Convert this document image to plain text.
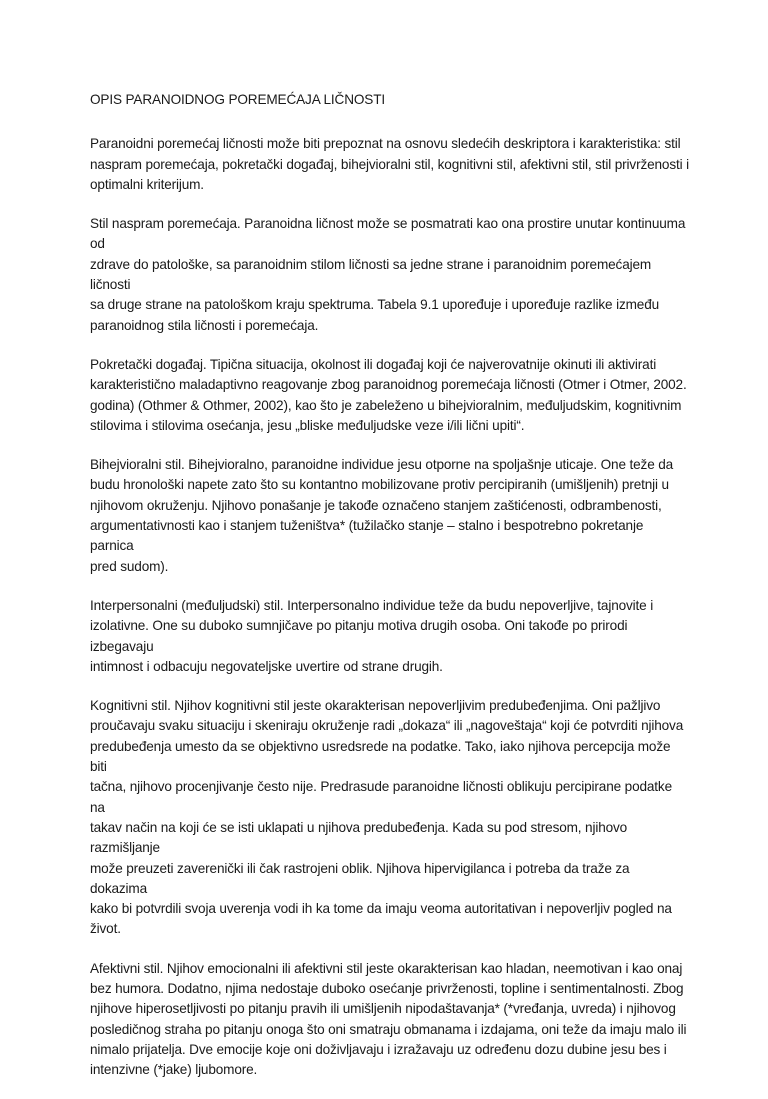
OPIS PARANOIDNOG POREMEĆAJA LIČNOSTI

Paranoidni poremećaj ličnosti može biti prepoznat na osnovu sledećih deskriptora i karakteristika: stil
naspram poremećaja, pokretački događaj, bihejvioralni stil, kognitivni stil, afektivni stil, stil privrženosti i
optimalni kriterijum.

Stil naspram poremećaja. Paranoidna ličnost može se posmatrati kao ona prostire unutar kontinuuma od
zdrave do patološke, sa paranoidnim stilom ličnosti sa jedne strane i paranoidnim poremećajem ličnosti
sa druge strane na patološkom kraju spektruma. Tabela 9.1 upoređuje i upoređuje razlike između
paranoidnog stila ličnosti i poremećaja.

Pokretački događaj. Tipična situacija, okolnost ili događaj koji će najverovatnije okinuti ili aktivirati
karakteristično maladaptivno reagovanje zbog paranoidnog poremećaja ličnosti (Otmer i Otmer, 2002.
godina) (Othmer & Othmer, 2002), kao što je zabeleženo u bihejvioralnim, međuljudskim, kognitivnim
stilovima i stilovima osećanja, jesu „bliske međuljudske veze i/ili lični upiti“.

Bihejvioralni stil. Bihejvioralno, paranoidne individue jesu otporne na spoljašnje uticaje. One teže da
budu hronološki napete zato što su kontantno mobilizovane protiv percipiranih (umišljenih) pretnji u
njihovom okruženju. Njihovo ponašanje je takođe označeno stanjem zaštićenosti, odbrambenosti,
argumentativnosti kao i stanjem tuženištva* (tužilačko stanje – stalno i bespotrebno pokretanje parnica
pred sudom).

Interpersonalni (međuljudski) stil. Interpersonalno individue teže da budu nepoverljive, tajnovite i
izolativne. One su duboko sumnjičave po pitanju motiva drugih osoba. Oni takođe po prirodi izbegavaju
intimnost i odbacuju negovateljske uvertire od strane drugih.

Kognitivni stil. Njihov kognitivni stil jeste okarakterisan nepoverljivim predubeđenjima. Oni pažljivo
proučavaju svaku situaciju i skeniraju okruženje radi „dokaza“ ili „nagoveštaja“ koji će potvrditi njihova
predubeđenja umesto da se objektivno usredsrede na podatke. Tako, iako njihova percepcija može biti
tačna, njihovo procenjivanje često nije. Predrasude paranoidne ličnosti oblikuju percipirane podatke na
takav način na koji će se isti uklapati u njihova predubeđenja. Kada su pod stresom, njihovo razmišljanje
može preuzeti zaverenički ili čak rastrojeni oblik. Njihova hipervigilanca i potreba da traže za dokazima
kako bi potvrdili svoja uverenja vodi ih ka tome da imaju veoma autoritativan i nepoverljiv pogled na
život.

Afektivni stil. Njihov emocionalni ili afektivni stil jeste okarakterisan kao hladan, neemotivan i kao onaj
bez humora. Dodatno, njima nedostaje duboko osećanje privrženosti, topline i sentimentalnosti. Zbog
njihove hiperosetljivosti po pitanju pravih ili umišljenih nipodaštavanja* (*vređanja, uvreda) i njihovog
posledičnog straha po pitanju onoga što oni smatraju obmanama i izdajama, oni teže da imaju malo ili
nimalo prijatelja. Dve emocije koje oni doživljavaju i izražavaju uz određenu dozu dubine jesu bes i
intenzivne (*jake) ljubomore.
